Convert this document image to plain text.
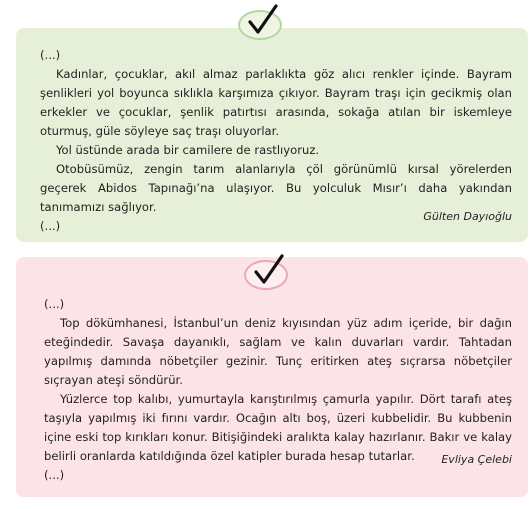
(...)

Kadınlar, çocuklar, akıl almaz parlaklıkta göz alıcı renkler içinde. Bayram şenlikleri yol boyunca sıklıkla karşımıza çıkıyor. Bayram traşı için gecikmiş olan erkekler ve çocuklar, şenlik patırtısı arasında, sokağa atılan bir iskemleye oturmuş, güle söyleye saç traşı oluyorlar.

Yol üstünde arada bir camilere de rastlıyoruz.

Otobüsümüz, zengin tarım alanlarıyla çöl görünümlü kırsal yörelerden geçerek Abidos Tapınağı’na ulaşıyor. Bu yolculuk Mısır’ı daha yakından tanımamızı sağlıyor.

(...)

Gülten Dayıoğlu

(...)

Top dökümhanesi, İstanbul’un deniz kıyısından yüz adım içeride, bir dağın eteğindedir. Savaşa dayanıklı, sağlam ve kalın duvarları vardır. Tahtadan yapılmış damında nöbetçiler gezinir. Tunç eritirken ateş sıçrarsa nöbetçiler sıçrayan ateşi söndürür.

Yüzlerce top kalıbı, yumurtayla karıştırılmış çamurla yapılır. Dört tarafı ateş taşıyla yapılmış iki fırını vardır. Ocağın altı boş, üzeri kubbelidir. Bu kubbenin içine eski top kırıkları konur. Bitişiğindeki aralıkta kalay hazırlanır. Bakır ve kalay belirli oranlarda katıldığında özel katipler burada hesap tutarlar.

(...)

Evliya Çelebi
